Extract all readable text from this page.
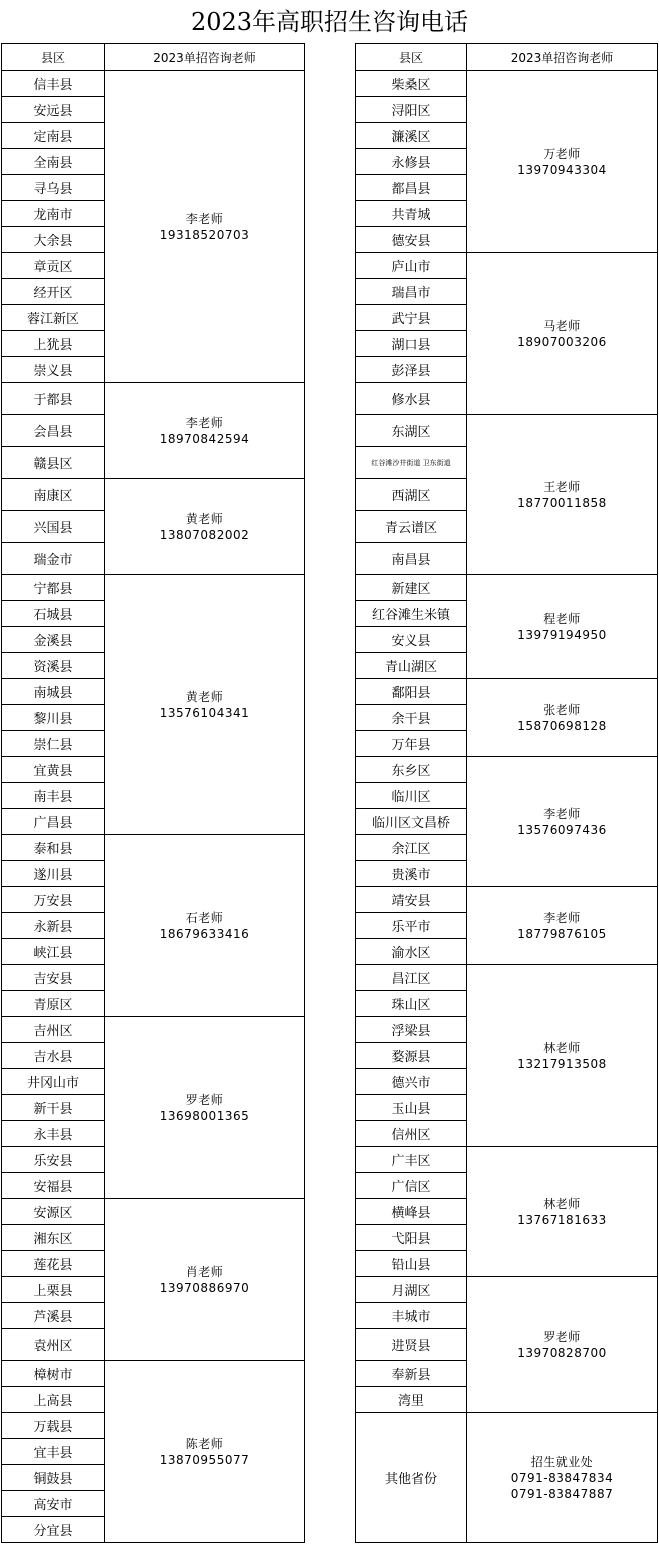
2023年高职招生咨询电话
县区	2023单招咨询老师
信丰县	李老师
19318520703

安远县	
定南县	
全南县	
寻乌县	
龙南市	
大余县	
章贡区	
经开区	
蓉江新区	
上犹县	
崇义县	
于都县	李老师
18970842594

会昌县	
赣县区	
南康区	黄老师
13807082002

兴国县	
瑞金市	
宁都县	黄老师
13576104341

石城县	
金溪县	
资溪县	
南城县	
黎川县	
崇仁县	
宜黄县	
南丰县	
广昌县	
泰和县	石老师
18679633416

遂川县	
万安县	
永新县	
峡江县	
吉安县	
青原区	
吉州区	罗老师
13698001365

吉水县	
井冈山市	
新干县	
永丰县	
乐安县	
安福县	
安源区	肖老师
13970886970

湘东区	
莲花县	
上栗县	
芦溪县	
袁州区	
樟树市	陈老师
13870955077

上高县	
万载县	
宜丰县	
铜鼓县	
高安市	
分宜县	
县区	2023单招咨询老师
柴桑区	万老师
13970943304

浔阳区	
濂溪区	
永修县	
都昌县	
共青城	
德安县	
庐山市	马老师
18907003206

瑞昌市	
武宁县	
湖口县	
彭泽县	
修水县	
东湖区	王老师
18770011858

红谷滩沙井街道 卫东街道	
西湖区	
青云谱区	
南昌县	
新建区	程老师
13979194950

红谷滩生米镇	
安义县	
青山湖区	
鄱阳县	张老师
15870698128

余干县	
万年县	
东乡区	李老师
13576097436

临川区	
临川区文昌桥	
余江区	
贵溪市	
靖安县	李老师
18779876105

乐平市	
渝水区	
昌江区	林老师
13217913508

珠山区	
浮梁县	
婺源县	
德兴市	
玉山县	
信州区	
广丰区	林老师
13767181633

广信区	
横峰县	
弋阳县	
铅山县	
月湖区	罗老师
13970828700

丰城市	
进贤县	
奉新县	
湾里	
其他省份	招生就业处
0791-83847834
0791-83847887
